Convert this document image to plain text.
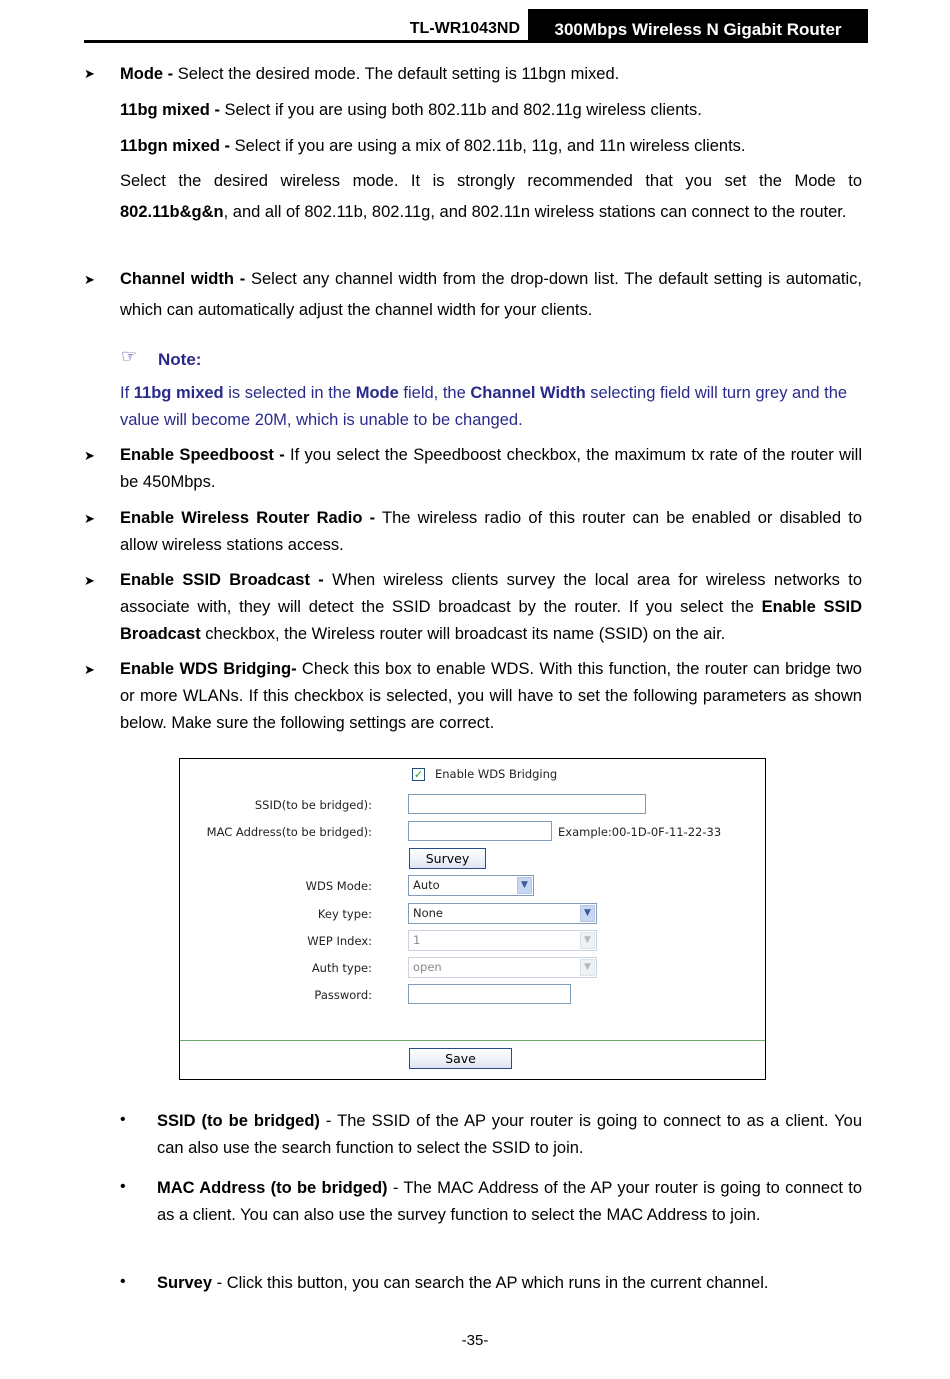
TL-WR1043ND	300Mbps Wireless N Gigabit Router
➤ Mode - Select the desired mode. The default setting is 11bgn mixed.
11bg mixed - Select if you are using both 802.11b and 802.11g wireless clients.
11bgn mixed - Select if you are using a mix of 802.11b, 11g, and 11n wireless clients.
Select the desired wireless mode. It is strongly recommended that you set the Mode to 802.11b&g&n, and all of 802.11b, 802.11g, and 802.11n wireless stations can connect to the router.
➤ Channel width - Select any channel width from the drop-down list. The default setting is automatic, which can automatically adjust the channel width for your clients.
☞ Note:
If 11bg mixed is selected in the Mode field, the Channel Width selecting field will turn grey and the value will become 20M, which is unable to be changed.
➤ Enable Speedboost - If you select the Speedboost checkbox, the maximum tx rate of the router will be 450Mbps.
➤ Enable Wireless Router Radio - The wireless radio of this router can be enabled or disabled to allow wireless stations access.
➤ Enable SSID Broadcast - When wireless clients survey the local area for wireless networks to associate with, they will detect the SSID broadcast by the router. If you select the Enable SSID Broadcast checkbox, the Wireless router will broadcast its name (SSID) on the air.
➤ Enable WDS Bridging- Check this box to enable WDS. With this function, the router can bridge two or more WLANs. If this checkbox is selected, you will have to set the following parameters as shown below. Make sure the following settings are correct.
✓ Enable WDS Bridging
SSID(to be bridged):
MAC Address(to be bridged):	Example:00-1D-0F-11-22-33
Survey
WDS Mode:	Auto	▼
Key type:	None	▼
WEP Index:	1	▼
Auth type:	open	▼
Password:
Save
• SSID (to be bridged) - The SSID of the AP your router is going to connect to as a client. You can also use the search function to select the SSID to join.
• MAC Address (to be bridged) - The MAC Address of the AP your router is going to connect to as a client. You can also use the survey function to select the MAC Address to join.
• Survey - Click this button, you can search the AP which runs in the current channel.
-35-
